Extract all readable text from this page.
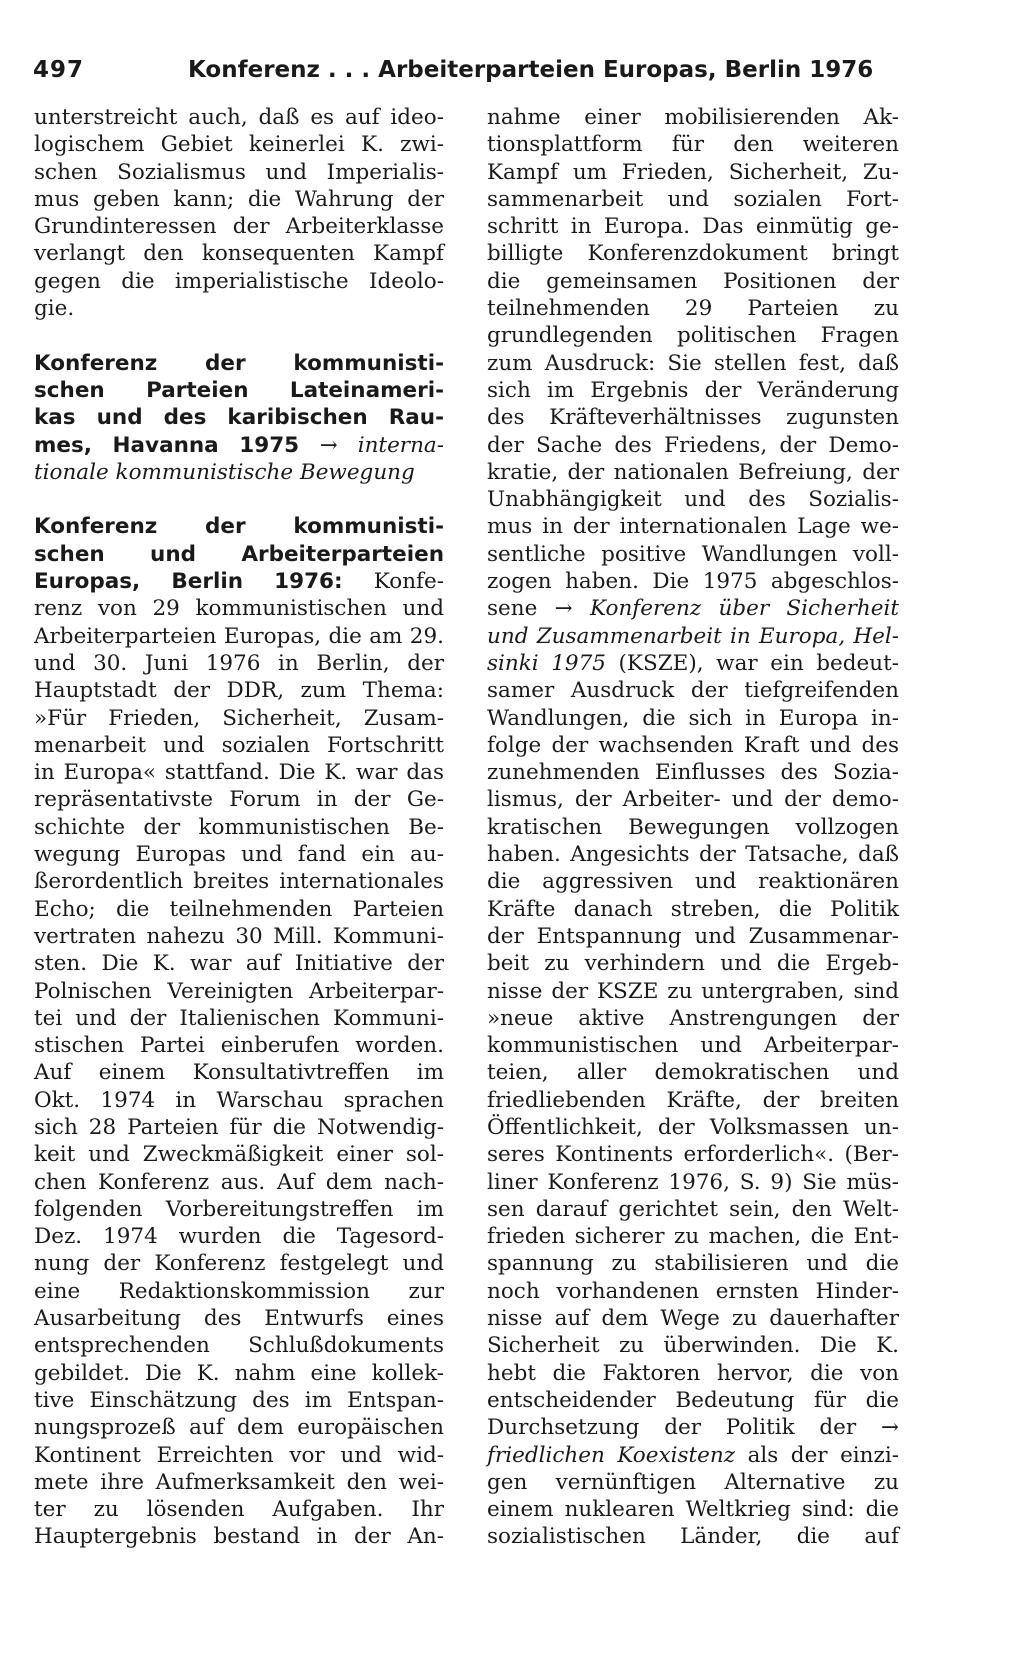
497	Konferenz . . . Arbeiterparteien Europas, Berlin 1976
unterstreicht auch, daß es auf ideo-
logischem Gebiet keinerlei K. zwi-
schen Sozialismus und Imperialis-
mus geben kann; die Wahrung der
Grundinteressen der Arbeiterklasse
verlangt den konsequenten Kampf
gegen die imperialistische Ideolo-
gie.
Konferenz der kommunisti-
schen Parteien Lateinameri-
kas und des karibischen Rau-
mes, Havanna 1975 → interna-
tionale kommunistische Bewegung
Konferenz der kommunisti-
schen und Arbeiterparteien
Europas, Berlin 1976: Konfe-
renz von 29 kommunistischen und
Arbeiterparteien Europas, die am 29.
und 30. Juni 1976 in Berlin, der
Hauptstadt der DDR, zum Thema:
»Für Frieden, Sicherheit, Zusam-
menarbeit und sozialen Fortschritt
in Europa« stattfand. Die K. war das
repräsentativste Forum in der Ge-
schichte der kommunistischen Be-
wegung Europas und fand ein au-
ßerordentlich breites internationales
Echo; die teilnehmenden Parteien
vertraten nahezu 30 Mill. Kommuni-
sten. Die K. war auf Initiative der
Polnischen Vereinigten Arbeiterpar-
tei und der Italienischen Kommuni-
stischen Partei einberufen worden.
Auf einem Konsultativtreffen im
Okt. 1974 in Warschau sprachen
sich 28 Parteien für die Notwendig-
keit und Zweckmäßigkeit einer sol-
chen Konferenz aus. Auf dem nach-
folgenden Vorbereitungstreffen im
Dez. 1974 wurden die Tagesord-
nung der Konferenz festgelegt und
eine Redaktionskommission zur
Ausarbeitung des Entwurfs eines
entsprechenden Schlußdokuments
gebildet. Die K. nahm eine kollek-
tive Einschätzung des im Entspan-
nungsprozeß auf dem europäischen
Kontinent Erreichten vor und wid-
mete ihre Aufmerksamkeit den wei-
ter zu lösenden Aufgaben. Ihr
Hauptergebnis bestand in der An-
nahme einer mobilisierenden Ak-
tionsplattform für den weiteren
Kampf um Frieden, Sicherheit, Zu-
sammenarbeit und sozialen Fort-
schritt in Europa. Das einmütig ge-
billigte Konferenzdokument bringt
die gemeinsamen Positionen der
teilnehmenden 29 Parteien zu
grundlegenden politischen Fragen
zum Ausdruck: Sie stellen fest, daß
sich im Ergebnis der Veränderung
des Kräfteverhältnisses zugunsten
der Sache des Friedens, der Demo-
kratie, der nationalen Befreiung, der
Unabhängigkeit und des Sozialis-
mus in der internationalen Lage we-
sentliche positive Wandlungen voll-
zogen haben. Die 1975 abgeschlos-
sene → Konferenz über Sicherheit
und Zusammenarbeit in Europa, Hel-
sinki 1975 (KSZE), war ein bedeut-
samer Ausdruck der tiefgreifenden
Wandlungen, die sich in Europa in-
folge der wachsenden Kraft und des
zunehmenden Einflusses des Sozia-
lismus, der Arbeiter- und der demo-
kratischen Bewegungen vollzogen
haben. Angesichts der Tatsache, daß
die aggressiven und reaktionären
Kräfte danach streben, die Politik
der Entspannung und Zusammenar-
beit zu verhindern und die Ergeb-
nisse der KSZE zu untergraben, sind
»neue aktive Anstrengungen der
kommunistischen und Arbeiterpar-
teien, aller demokratischen und
friedliebenden Kräfte, der breiten
Öffentlichkeit, der Volksmassen un-
seres Kontinents erforderlich«. (Ber-
liner Konferenz 1976, S. 9) Sie müs-
sen darauf gerichtet sein, den Welt-
frieden sicherer zu machen, die Ent-
spannung zu stabilisieren und die
noch vorhandenen ernsten Hinder-
nisse auf dem Wege zu dauerhafter
Sicherheit zu überwinden. Die K.
hebt die Faktoren hervor, die von
entscheidender Bedeutung für die
Durchsetzung der Politik der →
friedlichen Koexistenz als der einzi-
gen vernünftigen Alternative zu
einem nuklearen Weltkrieg sind: die
sozialistischen Länder, die auf
